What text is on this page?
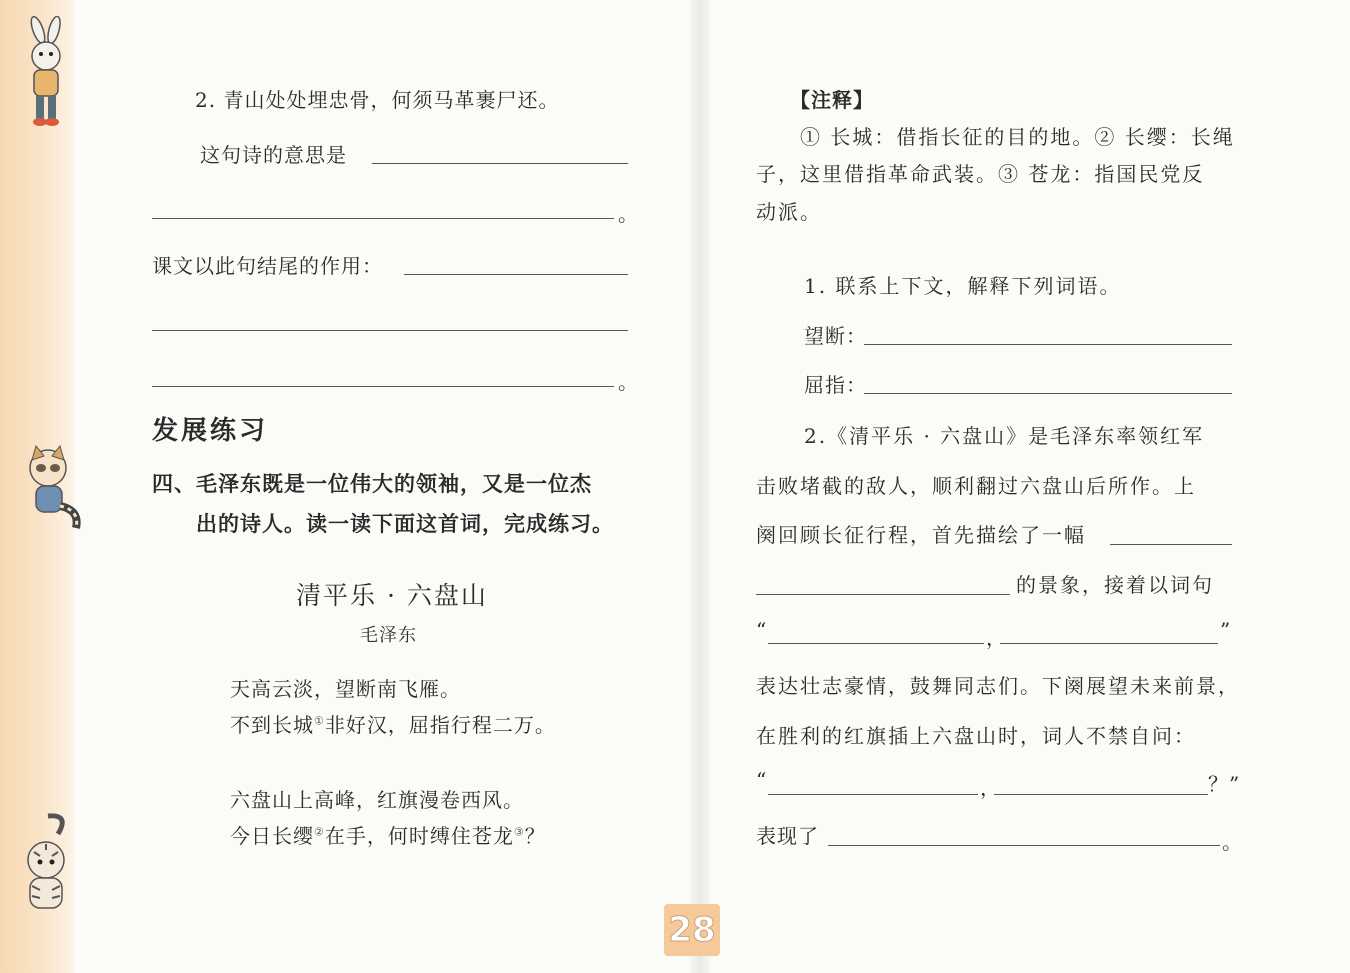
2. 青山处处埋忠骨，何须马革裹尸还。
这句诗的意思是
。
课文以此句结尾的作用：
。
发展练习
四、毛泽东既是一位伟大的领袖，又是一位杰
出的诗人。读一读下面这首词，完成练习。
清平乐 · 六盘山
毛泽东
天高云淡，望断南飞雁。
不到长城①非好汉，屈指行程二万。
六盘山上高峰，红旗漫卷西风。
今日长缨②在手，何时缚住苍龙③？
【注释】
① 长城：借指长征的目的地。② 长缨：长绳
子，这里借指革命武装。③ 苍龙：指国民党反
动派。
1. 联系上下文，解释下列词语。
望断：
屈指：
2.《清平乐 · 六盘山》是毛泽东率领红军
击败堵截的敌人，顺利翻过六盘山后所作。上
阕回顾长征行程，首先描绘了一幅
的景象，接着以词句
“	，	”
表达壮志豪情，鼓舞同志们。下阕展望未来前景，
在胜利的红旗插上六盘山时，词人不禁自问：
“	，	？”
表现了	。
28
